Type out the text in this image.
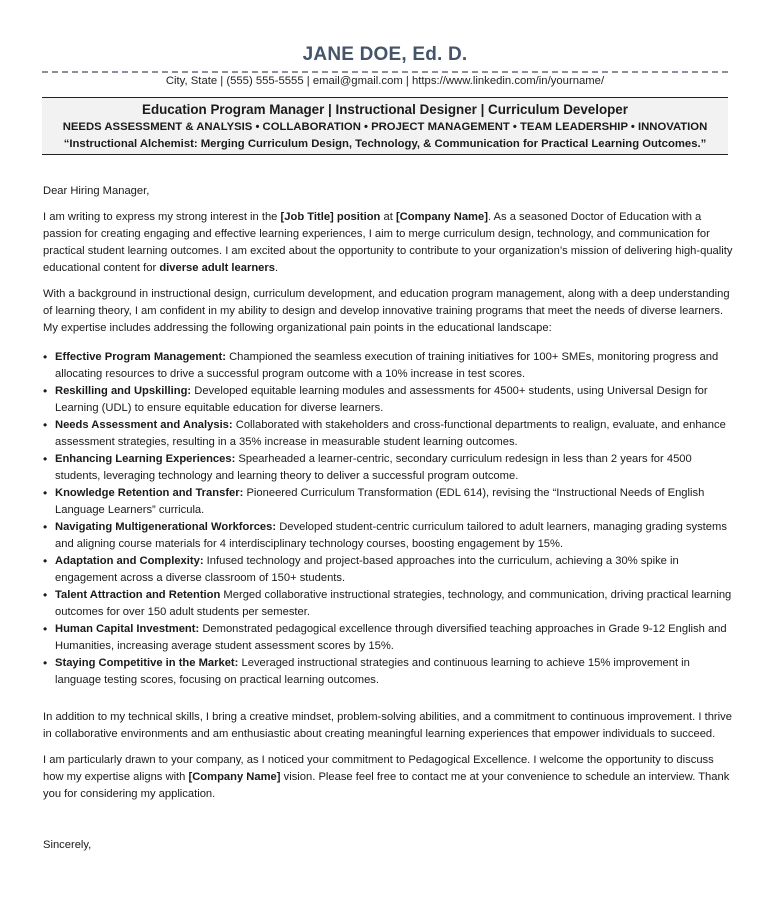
JANE DOE, Ed. D.
City, State | (555) 555-5555 | email@gmail.com | https://www.linkedin.com/in/yourname/
Education Program Manager | Instructional Designer | Curriculum Developer
NEEDS ASSESSMENT & ANALYSIS • COLLABORATION • PROJECT MANAGEMENT • TEAM LEADERSHIP • INNOVATION
“Instructional Alchemist: Merging Curriculum Design, Technology, & Communication for Practical Learning Outcomes.”

Dear Hiring Manager,

I am writing to express my strong interest in the [Job Title] position at [Company Name]. As a seasoned Doctor of Education with a passion for creating engaging and effective learning experiences, I aim to merge curriculum design, technology, and communication for practical student learning outcomes. I am excited about the opportunity to contribute to your organization’s mission of delivering high-quality educational content for diverse adult learners.

With a background in instructional design, curriculum development, and education program management, along with a deep understanding of learning theory, I am confident in my ability to design and develop innovative training programs that meet the needs of diverse learners. My expertise includes addressing the following organizational pain points in the educational landscape:

• Effective Program Management: Championed the seamless execution of training initiatives for 100+ SMEs, monitoring progress and allocating resources to drive a successful program outcome with a 10% increase in test scores.
• Reskilling and Upskilling: Developed equitable learning modules and assessments for 4500+ students, using Universal Design for Learning (UDL) to ensure equitable education for diverse learners.
• Needs Assessment and Analysis: Collaborated with stakeholders and cross-functional departments to realign, evaluate, and enhance assessment strategies, resulting in a 35% increase in measurable student learning outcomes.
• Enhancing Learning Experiences: Spearheaded a learner-centric, secondary curriculum redesign in less than 2 years for 4500 students, leveraging technology and learning theory to deliver a successful program outcome.
• Knowledge Retention and Transfer: Pioneered Curriculum Transformation (EDL 614), revising the “Instructional Needs of English Language Learners” curricula.
• Navigating Multigenerational Workforces: Developed student-centric curriculum tailored to adult learners, managing grading systems and aligning course materials for 4 interdisciplinary technology courses, boosting engagement by 15%.
• Adaptation and Complexity: Infused technology and project-based approaches into the curriculum, achieving a 30% spike in engagement across a diverse classroom of 150+ students.
• Talent Attraction and Retention Merged collaborative instructional strategies, technology, and communication, driving practical learning outcomes for over 150 adult students per semester.
• Human Capital Investment: Demonstrated pedagogical excellence through diversified teaching approaches in Grade 9-12 English and Humanities, increasing average student assessment scores by 15%.
• Staying Competitive in the Market: Leveraged instructional strategies and continuous learning to achieve 15% improvement in language testing scores, focusing on practical learning outcomes.

In addition to my technical skills, I bring a creative mindset, problem-solving abilities, and a commitment to continuous improvement. I thrive in collaborative environments and am enthusiastic about creating meaningful learning experiences that empower individuals to succeed.

I am particularly drawn to your company, as I noticed your commitment to Pedagogical Excellence. I welcome the opportunity to discuss how my expertise aligns with [Company Name] vision. Please feel free to contact me at your convenience to schedule an interview. Thank you for considering my application.

Sincerely,
